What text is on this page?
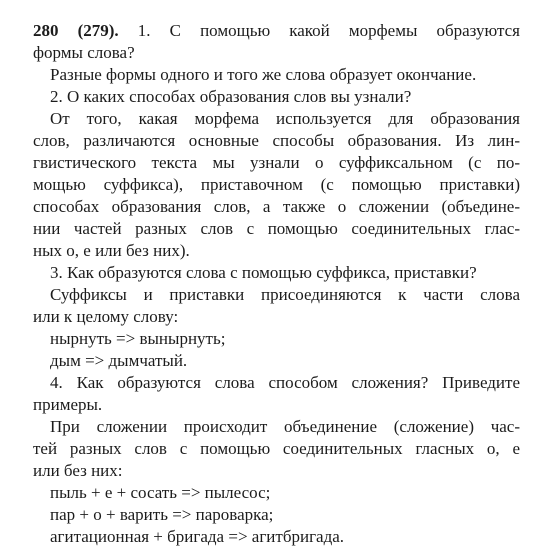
280 (279). 1. С помощью какой морфемы образуются
формы слова?
Разные формы одного и того же слова образует окончание.
2. О каких способах образования слов вы узнали?
От того, какая морфема используется для образования
слов, различаются основные способы образования. Из лин-
гвистического текста мы узнали о суффиксальном (с по-
мощью суффикса), приставочном (с помощью приставки)
способах образования слов, а также о сложении (объедине-
нии частей разных слов с помощью соединительных глас-
ных о, е или без них).
3. Как образуются слова с помощью суффикса, приставки?
Суффиксы и приставки присоединяются к части слова
или к целому слову:
нырнуть => вынырнуть;
дым => дымчатый.
4. Как образуются слова способом сложения? Приведите
примеры.
При сложении происходит объединение (сложение) час-
тей разных слов с помощью соединительных гласных о, е
или без них:
пыль + е + сосать => пылесос;
пар + о + варить => пароварка;
агитационная + бригада => агитбригада.
